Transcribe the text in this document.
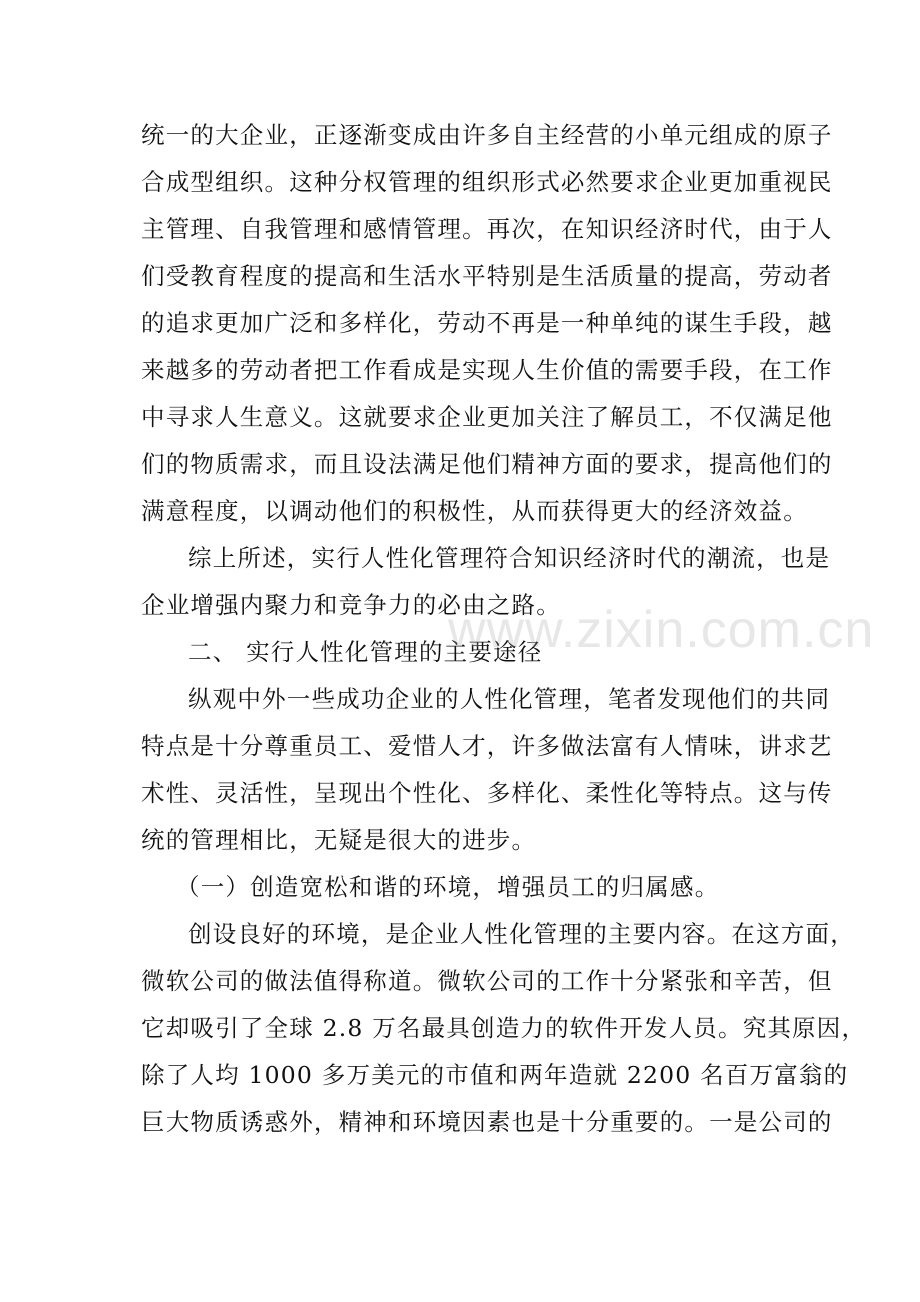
统一的大企业，正逐渐变成由许多自主经营的小单元组成的原子

合成型组织。这种分权管理的组织形式必然要求企业更加重视民

主管理、自我管理和感情管理。再次，在知识经济时代，由于人

们受教育程度的提高和生活水平特别是生活质量的提高，劳动者

的追求更加广泛和多样化，劳动不再是一种单纯的谋生手段，越

来越多的劳动者把工作看成是实现人生价值的需要手段，在工作

中寻求人生意义。这就要求企业更加关注了解员工，不仅满足他

们的物质需求，而且设法满足他们精神方面的要求，提高他们的

满意程度，以调动他们的积极性，从而获得更大的经济效益。

综上所述，实行人性化管理符合知识经济时代的潮流，也是

企业增强内聚力和竞争力的必由之路。

二、 实行人性化管理的主要途径

纵观中外一些成功企业的人性化管理，笔者发现他们的共同

特点是十分尊重员工、爱惜人才，许多做法富有人情味，讲求艺

术性、灵活性，呈现出个性化、多样化、柔性化等特点。这与传

统的管理相比，无疑是很大的进步。

（一）创造宽松和谐的环境，增强员工的归属感。

创设良好的环境，是企业人性化管理的主要内容。在这方面，

微软公司的做法值得称道。微软公司的工作十分紧张和辛苦，但

它却吸引了全球 2.8 万名最具创造力的软件开发人员。究其原因，

除了人均 1000 多万美元的市值和两年造就 2200 名百万富翁的

巨大物质诱惑外，精神和环境因素也是十分重要的。一是公司的

www.zixin.com.cn
